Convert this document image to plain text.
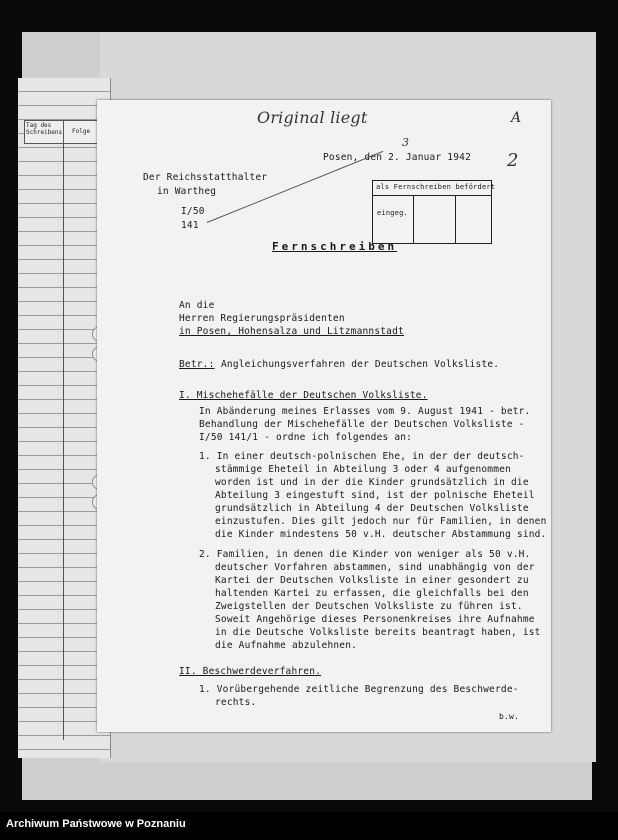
Tag des Schreibens Folge
Original liegt	A
2
3
Posen, den 2. Januar 1942
Der Reichsstatthalter
in Wartheg
I/50
141
als Fernschreiben befördert
eingeg.
Fernschreiben
An die
Herren Regierungspräsidenten
in Posen, Hohensalza und Litzmannstadt
Betr.: Angleichungsverfahren der Deutschen Volksliste.
I. Mischehefälle der Deutschen Volksliste.
In Abänderung meines Erlasses vom 9. August 1941 - betr.
Behandlung der Mischehefälle der Deutschen Volksliste -
I/50 141/1 - ordne ich folgendes an:
1. In einer deutsch-polnischen Ehe, in der der deutsch-
stämmige Eheteil in Abteilung 3 oder 4 aufgenommen
worden ist und in der die Kinder grundsätzlich in die
Abteilung 3 eingestuft sind, ist der polnische Eheteil
grundsätzlich in Abteilung 4 der Deutschen Volksliste
einzustufen. Dies gilt jedoch nur für Familien, in denen
die Kinder mindestens 50 v.H. deutscher Abstammung sind.
2. Familien, in denen die Kinder von weniger als 50 v.H.
deutscher Vorfahren abstammen, sind unabhängig von der
Kartei der Deutschen Volksliste in einer gesondert zu
haltenden Kartei zu erfassen, die gleichfalls bei den
Zweigstellen der Deutschen Volksliste zu führen ist.
Soweit Angehörige dieses Personenkreises ihre Aufnahme
in die Deutsche Volksliste bereits beantragt haben, ist
die Aufnahme abzulehnen.
II. Beschwerdeverfahren.
1. Vorübergehende zeitliche Begrenzung des Beschwerde-
rechts.
b.w.
Archiwum Państwowe w Poznaniu
